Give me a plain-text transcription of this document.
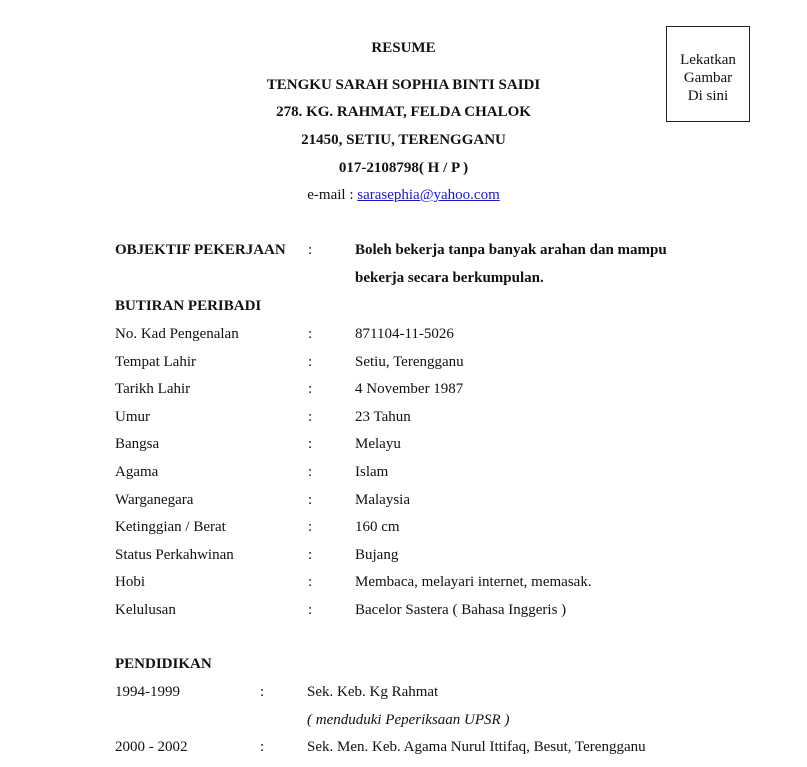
RESUME
TENGKU SARAH SOPHIA BINTI SAIDI
278. KG. RAHMAT, FELDA CHALOK
21450, SETIU, TERENGGANU
017-2108798( H / P )
e-mail : sarasephia@yahoo.com
Lekatkan
Gambar
Di sini
OBJEKTIF PEKERJAAN :	Boleh bekerja tanpa banyak arahan dan mampu
bekerja secara berkumpulan.
BUTIRAN PERIBADI
No. Kad Pengenalan	:	871104-11-5026
Tempat Lahir	:	Setiu, Terengganu
Tarikh Lahir	:	4 November 1987
Umur	:	23 Tahun
Bangsa	:	Melayu
Agama	:	Islam
Warganegara	:	Malaysia
Ketinggian / Berat	:	160 cm
Status Perkahwinan	:	Bujang
Hobi	:	Membaca, melayari internet, memasak.
Kelulusan	:	Bacelor Sastera ( Bahasa Inggeris )
PENDIDIKAN
1994-1999	:	Sek. Keb. Kg Rahmat
( menduduki Peperiksaan UPSR )
2000 - 2002	:	Sek. Men. Keb. Agama Nurul Ittifaq, Besut, Terengganu
